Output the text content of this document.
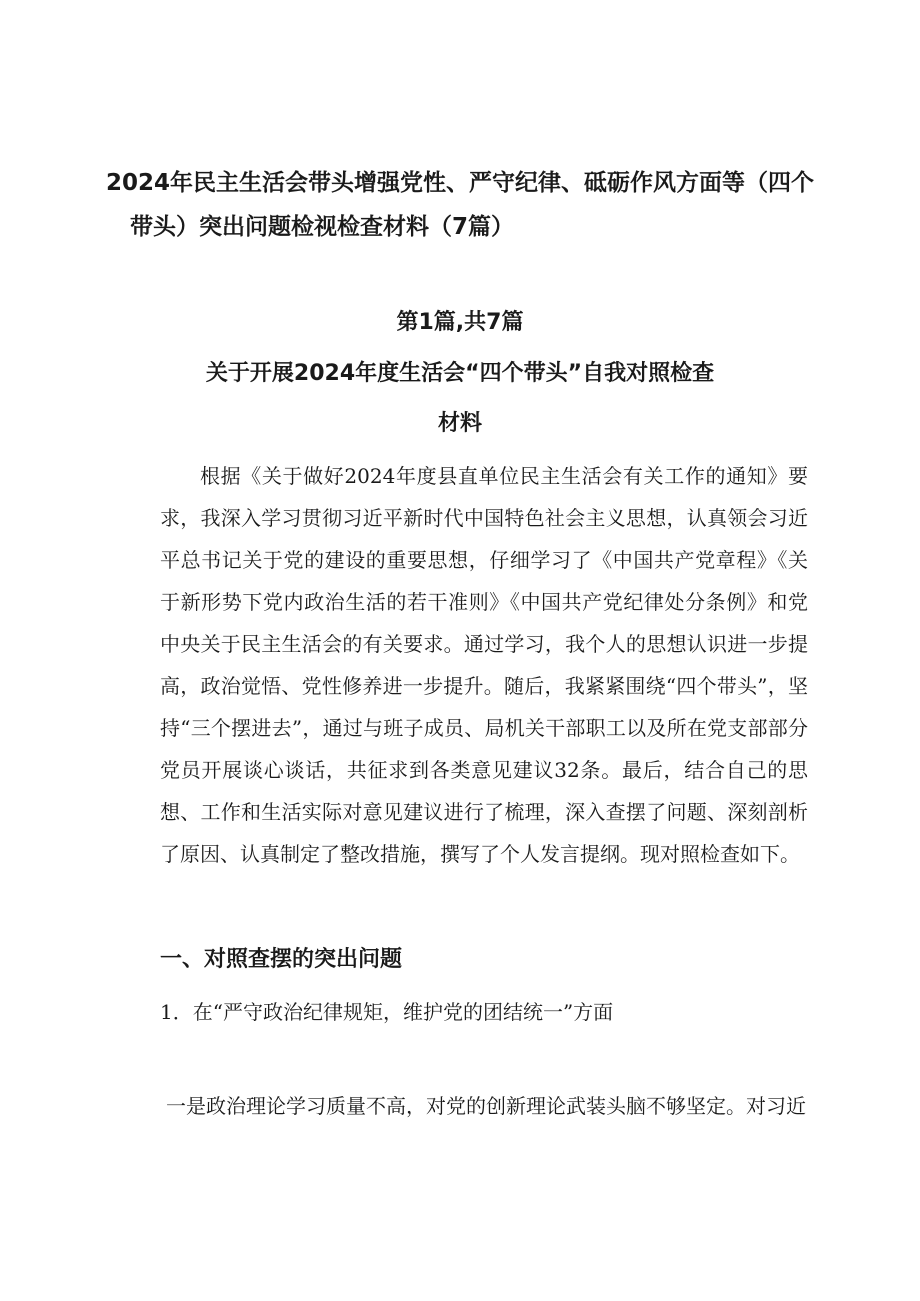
2024年民主生活会带头增强党性、严守纪律、砥砺作风方面等（四个
带头）突出问题检视检查材料（7篇）
第1篇,共7篇
关于开展2024年度生活会“四个带头”自我对照检查
材料

根据《关于做好2024年度县直单位民主生活会有关工作的通知》要求，我深入学习贯彻习近平新时代中国特色社会主义思想，认真领会习近平总书记关于党的建设的重要思想，仔细学习了《中国共产党章程》《关于新形势下党内政治生活的若干准则》《中国共产党纪律处分条例》和党中央关于民主生活会的有关要求。通过学习，我个人的思想认识进一步提高，政治觉悟、党性修养进一步提升。随后，我紧紧围绕“四个带头”，坚持“三个摆进去”，通过与班子成员、局机关干部职工以及所在党支部部分党员开展谈心谈话，共征求到各类意见建议32条。最后，结合自己的思想、工作和生活实际对意见建议进行了梳理，深入查摆了问题、深刻剖析了原因、认真制定了整改措施，撰写了个人发言提纲。现对照检查如下。

一、对照查摆的突出问题

1．在“严守政治纪律规矩，维护党的团结统一”方面

一是政治理论学习质量不高，对党的创新理论武装头脑不够坚定。对习近
